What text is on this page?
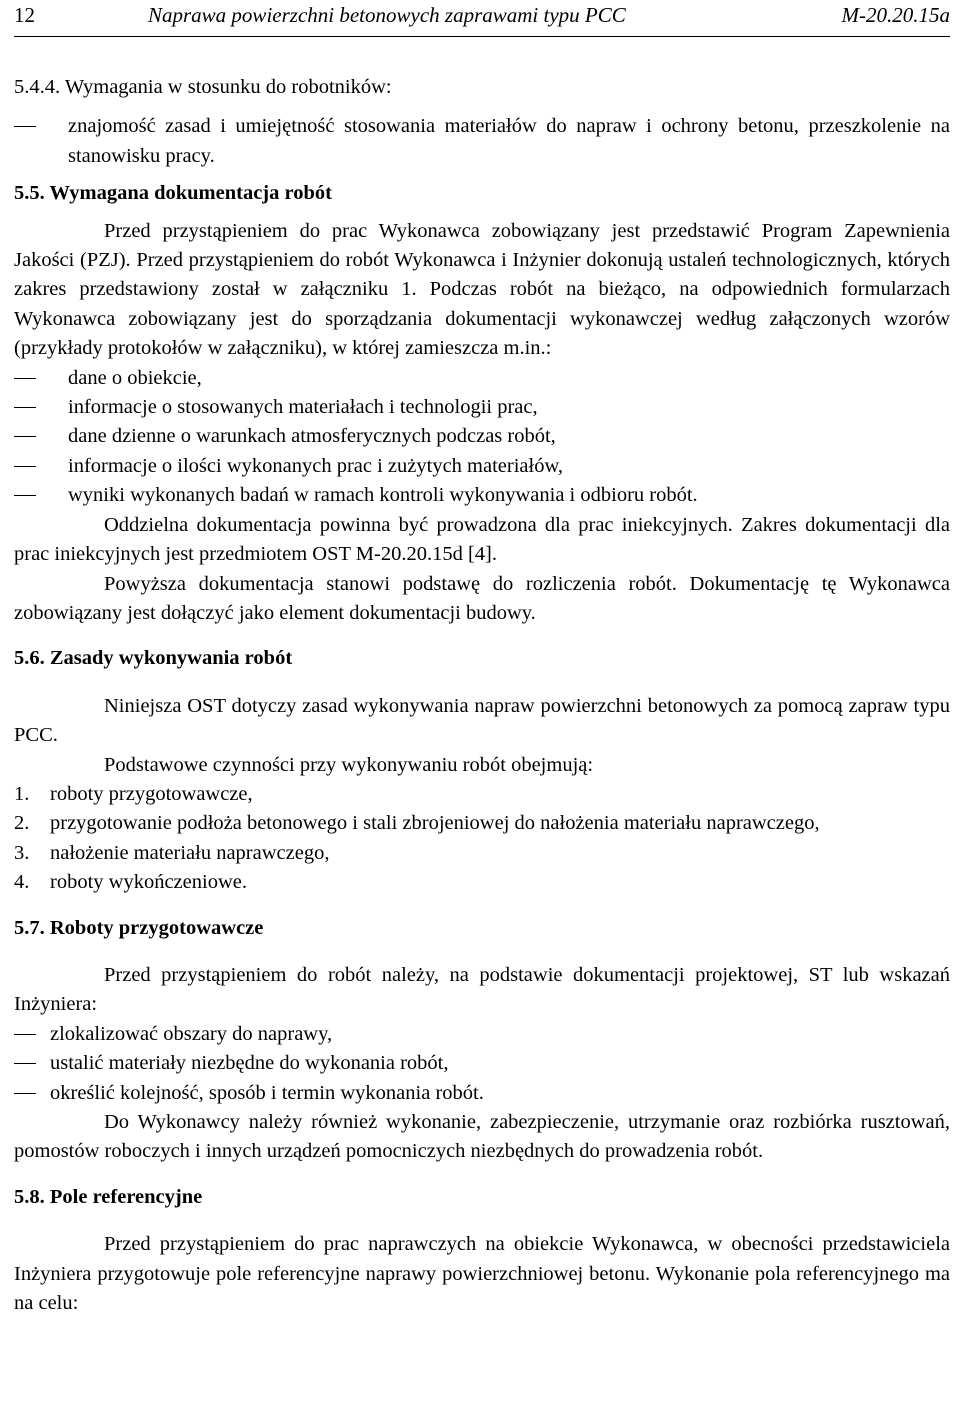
12	Naprawa powierzchni betonowych zaprawami typu PCC	M-20.20.15a

5.4.4. Wymagania w stosunku do robotników:

znajomość zasad i umiejętność stosowania materiałów do napraw i ochrony betonu, przeszkolenie na stanowisku pracy.

5.5. Wymagana dokumentacja robót

Przed przystąpieniem do prac Wykonawca zobowiązany jest przedstawić Program Zapewnienia Jakości (PZJ). Przed przystąpieniem do robót Wykonawca i Inżynier dokonują ustaleń technologicznych, których zakres przedstawiony został w załączniku 1. Podczas robót na bieżąco, na odpowiednich formularzach Wykonawca zobowiązany jest do sporządzania dokumentacji wykonawczej według załączonych wzorów (przykłady protokołów w załączniku), w której zamieszcza m.in.:

dane o obiekcie,

informacje o stosowanych materiałach i technologii prac,

dane dzienne o warunkach atmosferycznych podczas robót,

informacje o ilości wykonanych prac i zużytych materiałów,

wyniki wykonanych badań w ramach kontroli wykonywania i odbioru robót.

Oddzielna dokumentacja powinna być prowadzona dla prac iniekcyjnych. Zakres dokumentacji dla prac iniekcyjnych jest przedmiotem OST M-20.20.15d [4].

Powyższa dokumentacja stanowi podstawę do rozliczenia robót. Dokumentację tę Wykonawca zobowiązany jest dołączyć jako element dokumentacji budowy.

5.6. Zasady wykonywania robót

Niniejsza OST dotyczy zasad wykonywania napraw powierzchni betonowych za pomocą zapraw typu PCC.

Podstawowe czynności przy wykonywaniu robót obejmują:

1. roboty przygotowawcze,
2. przygotowanie podłoża betonowego i stali zbrojeniowej do nałożenia materiału naprawczego,
3. nałożenie materiału naprawczego,
4. roboty wykończeniowe.

5.7. Roboty przygotowawcze

Przed przystąpieniem do robót należy, na podstawie dokumentacji projektowej, ST lub wskazań Inżyniera:

zlokalizować obszary do naprawy,

ustalić materiały niezbędne do wykonania robót,

określić kolejność, sposób i termin wykonania robót.

Do Wykonawcy należy również wykonanie, zabezpieczenie, utrzymanie oraz rozbiórka rusztowań, pomostów roboczych i innych urządzeń pomocniczych niezbędnych do prowadzenia robót.

5.8. Pole referencyjne

Przed przystąpieniem do prac naprawczych na obiekcie Wykonawca, w obecności przedstawiciela Inżyniera przygotowuje pole referencyjne naprawy powierzchniowej betonu. Wykonanie pola referencyjnego ma na celu:
